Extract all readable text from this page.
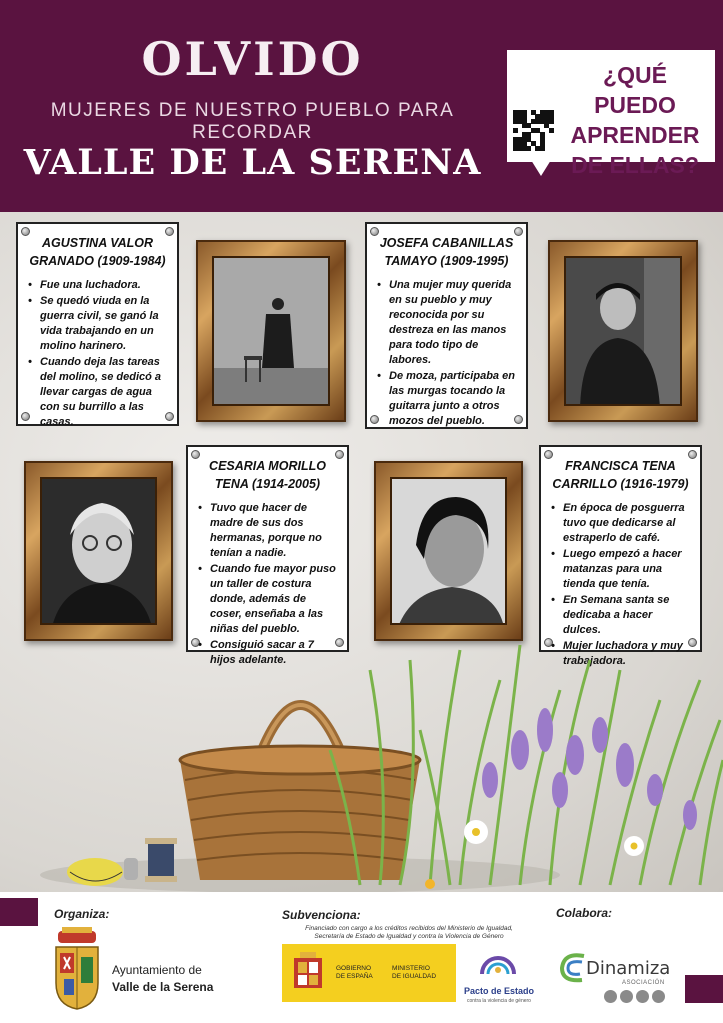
OLVIDO
MUJERES DE NUESTRO PUEBLO PARA RECORDAR
VALLE DE LA SERENA
¿QUÉ PUEDO
APRENDER
DE ELLAS?
AGUSTINA VALOR
GRANADO (1909-1984)
• Fue una luchadora.
• Se quedó viuda en la guerra civil, se ganó la vida trabajando en un molino harinero.
• Cuando deja las tareas del molino, se dedicó a llevar cargas de agua con su burrillo a las casas.
JOSEFA CABANILLAS
TAMAYO (1909-1995)
• Una mujer muy querida en su pueblo y muy reconocida por su destreza en las manos para todo tipo de labores.
• De moza, participaba en las murgas tocando la guitarra junto a otros mozos del pueblo.
CESARIA MORILLO
TENA (1914-2005)
• Tuvo que hacer de madre de sus dos hermanas, porque no tenían a nadie.
• Cuando fue mayor puso un taller de costura donde, además de coser, enseñaba a las niñas del pueblo.
• Consiguió sacar a 7 hijos adelante.
FRANCISCA TENA
CARRILLO (1916-1979)
• En época de posguerra tuvo que dedicarse al estraperlo de café.
• Luego empezó a hacer matanzas para una tienda que tenía.
• En Semana santa se dedicaba a hacer dulces.
• Mujer luchadora y muy trabajadora.
Organiza:	Subvenciona:	Colabora:
Ayuntamiento de
Valle de la Serena
Financiado con cargo a los créditos recibidos del Ministerio de Igualdad,
Secretaría de Estado de Igualdad y contra la Violencia de Género
GOBIERNO
DE ESPAÑA
MINISTERIO
DE IGUALDAD
Pacto de Estado
contra la violencia de género
Dinamiza
ASOCIACIÓN
